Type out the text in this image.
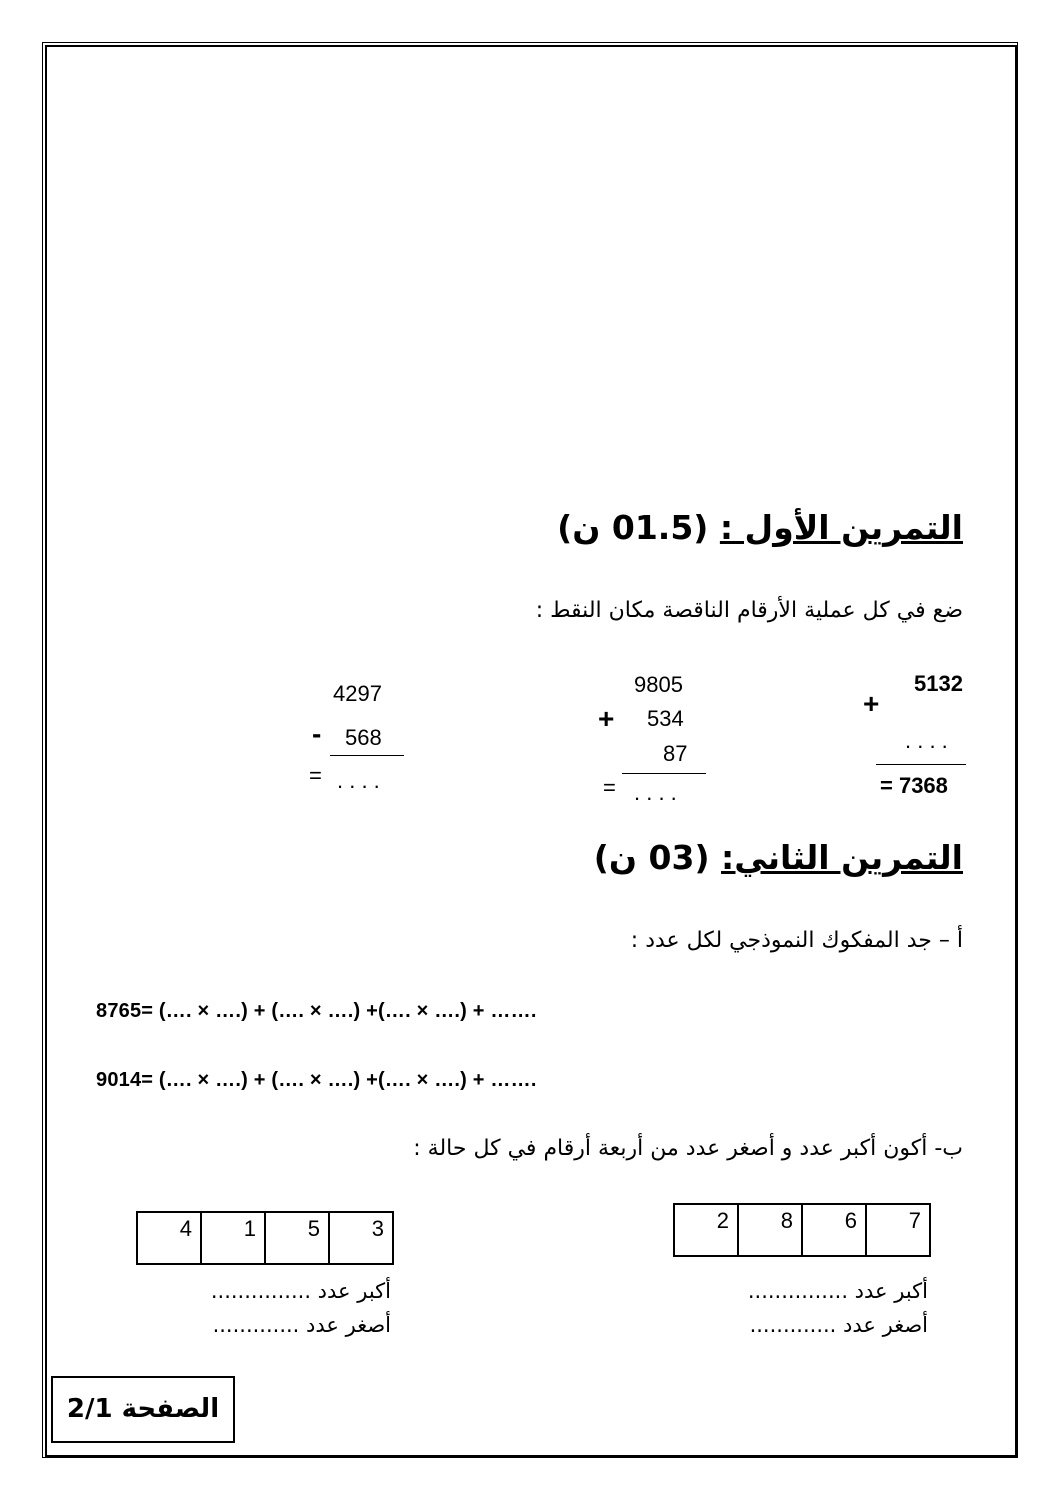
التمرين الأول : (01.5 ن)
ضع في كل عملية الأرقام الناقصة مكان النقط :
5132
+
. . . .
= 7368
9805
+ 534
87
= . . . .
4297
- 568
= . . . .
التمرين الثاني: (03 ن)
أ – جد المفكوك النموذجي لكل عدد :
8765= (…. × ….) + (…. × ….) +(…. × ….) + …….
9014= (…. × ….) + (…. × ….) +(…. × ….) + …….
ب- أكون أكبر عدد و أصغر عدد من أربعة أرقام في كل حالة :
2	8	6	7
4	1	5	3
أكبر عدد ...............
أصغر عدد .............
أكبر عدد ...............
أصغر عدد .............
الصفحة 2/1
